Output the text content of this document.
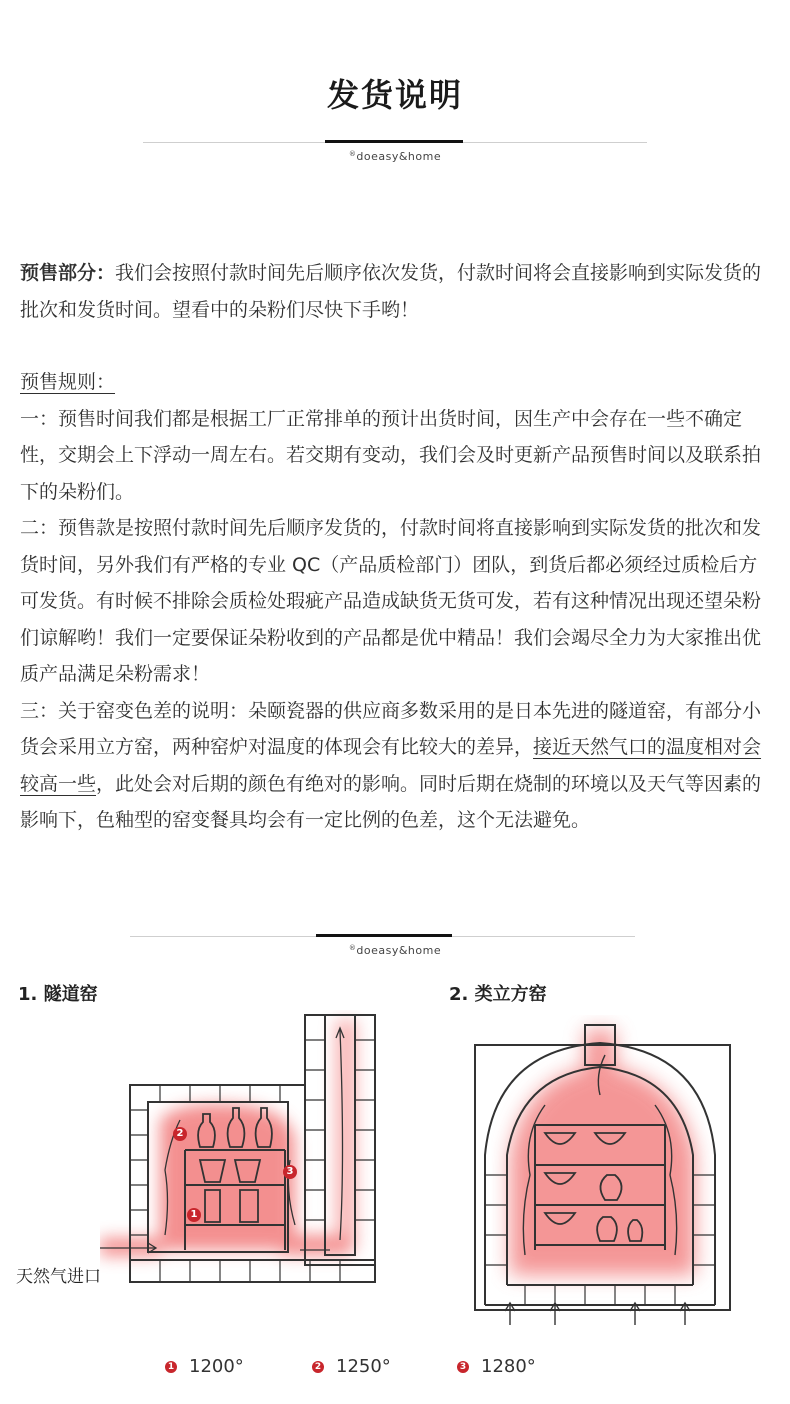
发货说明
®doeasy&home

预售部分：我们会按照付款时间先后顺序依次发货，付款时间将会直接影响到实际发货的批次和发货时间。望看中的朵粉们尽快下手哟！

预售规则：

一：预售时间我们都是根据工厂正常排单的预计出货时间，因生产中会存在一些不确定性，交期会上下浮动一周左右。若交期有变动，我们会及时更新产品预售时间以及联系拍下的朵粉们。

二：预售款是按照付款时间先后顺序发货的，付款时间将直接影响到实际发货的批次和发货时间，另外我们有严格的专业 QC（产品质检部门）团队，到货后都必须经过质检后方可发货。有时候不排除会质检处瑕疵产品造成缺货无货可发，若有这种情况出现还望朵粉们谅解哟！我们一定要保证朵粉收到的产品都是优中精品！我们会竭尽全力为大家推出优质产品满足朵粉需求！

三：关于窑变色差的说明：朵颐瓷器的供应商多数采用的是日本先进的隧道窑，有部分小货会采用立方窑，两种窑炉对温度的体现会有比较大的差异，接近天然气口的温度相对会较高一些，此处会对后期的颜色有绝对的影响。同时后期在烧制的环境以及天气等因素的影响下，色釉型的窑变餐具均会有一定比例的色差，这个无法避免。

®doeasy&home
1. 隧道窑	2. 类立方窑
天然气进口
1
2
3
1 1200°	2 1250°	3 1280°
